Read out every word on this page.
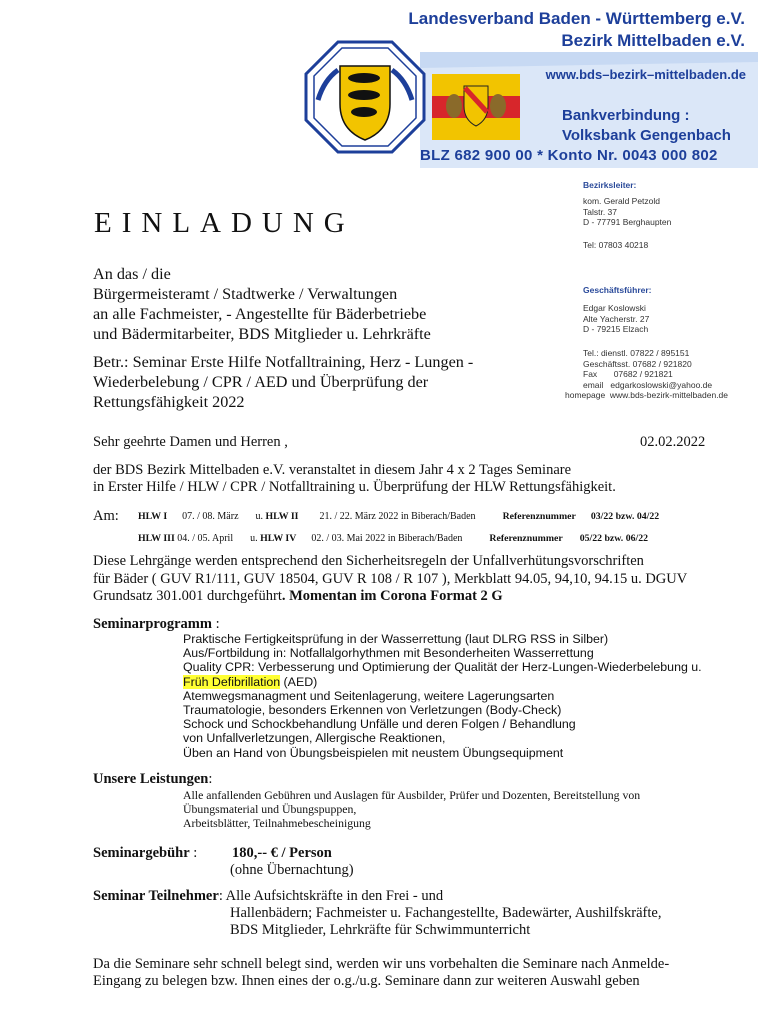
Landesverband Baden - Württemberg e.V.
Bezirk Mittelbaden e.V.
www.bds–bezirk–mittelbaden.de
Bankverbindung :
Volksbank Gengenbach
BLZ 682 900 00 * Konto Nr. 0043 000 802
Bezirksleiter:
kom. Gerald Petzold
Talstr. 37
D - 77791 Berghaupten
Tel: 07803 40218
Geschäftsführer:
Edgar Koslowski
Alte Yacherstr. 27
D - 79215 Elzach
Tel.: dienstl. 07822 / 895151
Geschäftsst. 07682 / 921820
Fax 07682 / 921821
email edgarkoslowski@yahoo.de
homepage www.bds-bezirk-mittelbaden.de
EINLADUNG
An das / die
Bürgermeisteramt / Stadtwerke / Verwaltungen
an alle Fachmeister, - Angestellte für Bäderbetriebe
und Bädermitarbeiter, BDS Mitglieder u. Lehrkräfte
Betr.: Seminar Erste Hilfe Notfalltraining, Herz - Lungen -
Wiederbelebung / CPR / AED und Überprüfung der
Rettungsfähigkeit 2022
Sehr geehrte Damen und Herren ,	02.02.2022
der BDS Bezirk Mittelbaden e.V. veranstaltet in diesem Jahr 4 x 2 Tages Seminare
in Erster Hilfe / HLW / CPR / Notfalltraining u. Überprüfung der HLW Rettungsfähigkeit.
Am: HLW I 07. / 08. März u. HLW II 21. / 22. März 2022 in Biberach/Baden	Referenznummer 03/22 bzw. 04/22
HLW III 04. / 05. April u. HLW IV 02. / 03. Mai 2022 in Biberach/Baden	Referenznummer 05/22 bzw. 06/22
Diese Lehrgänge werden entsprechend den Sicherheitsregeln der Unfallverhütungsvorschriften
für Bäder ( GUV R1/111, GUV 18504, GUV R 108 / R 107 ), Merkblatt 94.05, 94,10, 94.15 u. DGUV
Grundsatz 301.001 durchgeführt. Momentan im Corona Format 2 G
Seminarprogramm :
Praktische Fertigkeitsprüfung in der Wasserrettung (laut DLRG RSS in Silber)
Aus/Fortbildung in: Notfallalgorhythmen mit Besonderheiten Wasserrettung
Quality CPR: Verbesserung und Optimierung der Qualität der Herz-Lungen-Wiederbelebung u.
Früh Defibrillation (AED)
Atemwegsmanagment und Seitenlagerung, weitere Lagerungsarten
Traumatologie, besonders Erkennen von Verletzungen (Body-Check)
Schock und Schockbehandlung Unfälle und deren Folgen / Behandlung
von Unfallverletzungen, Allergische Reaktionen,
Üben an Hand von Übungsbeispielen mit neustem Übungsequipment
Unsere Leistungen:
Alle anfallenden Gebühren und Auslagen für Ausbilder, Prüfer und Dozenten, Bereitstellung von
Übungsmaterial und Übungspuppen,
Arbeitsblätter, Teilnahmebescheinigung
Seminargebühr : 180,-- € / Person
(ohne Übernachtung)
Seminar Teilnehmer: Alle Aufsichtskräfte in den Frei - und
Hallenbädern; Fachmeister u. Fachangestellte, Badewärter, Aushilfskräfte,
BDS Mitglieder, Lehrkräfte für Schwimmunterricht
Da die Seminare sehr schnell belegt sind, werden wir uns vorbehalten die Seminare nach Anmelde-
Eingang zu belegen bzw. Ihnen eines der o.g./u.g. Seminare dann zur weiteren Auswahl geben
